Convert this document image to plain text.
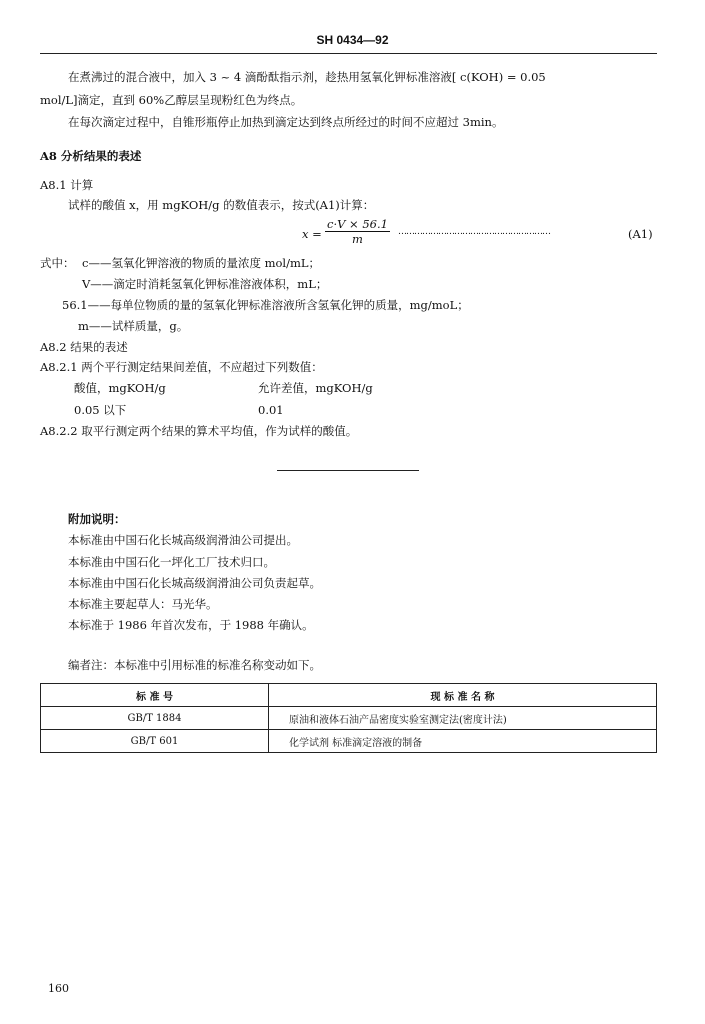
SH 0434—92
在煮沸过的混合液中，加入 3 ~ 4 滴酚酞指示剂，趁热用氢氧化钾标准溶液[ c(KOH) = 0.05
mol/L]滴定，直到 60%乙醇层呈现粉红色为终点。
在每次滴定过程中，自锥形瓶停止加热到滴定达到终点所经过的时间不应超过 3min。
A8 分析结果的表述
A8.1 计算
试样的酸值 x，用 mgKOH/g 的数值表示，按式(A1)计算：
$x = \frac{c\cdot V \times 56.1}{m}$ …………………………………………………	(A1)
式中： c——氢氧化钾溶液的物质的量浓度 mol/mL；
V——滴定时消耗氢氧化钾标准溶液体积，mL；
56.1——每单位物质的量的氢氧化钾标准溶液所含氢氧化钾的质量，mg/moL；
m——试样质量，g。
A8.2 结果的表述
A8.2.1 两个平行测定结果间差值，不应超过下列数值：
酸值，mgKOH/g	允许差值，mgKOH/g
0.05 以下	0.01
A8.2.2 取平行测定两个结果的算术平均值，作为试样的酸值。
附加说明：
本标准由中国石化长城高级润滑油公司提出。
本标准由中国石化一坪化工厂技术归口。
本标准由中国石化长城高级润滑油公司负责起草。
本标准主要起草人：马光华。
本标准于 1986 年首次发布，于 1988 年确认。
编者注：本标准中引用标准的标准名称变动如下。
标 准 号	现 标 准 名 称
GB/T 1884	原油和液体石油产品密度实验室测定法(密度计法)
GB/T 601	化学试剂 标准滴定溶液的制备
160
